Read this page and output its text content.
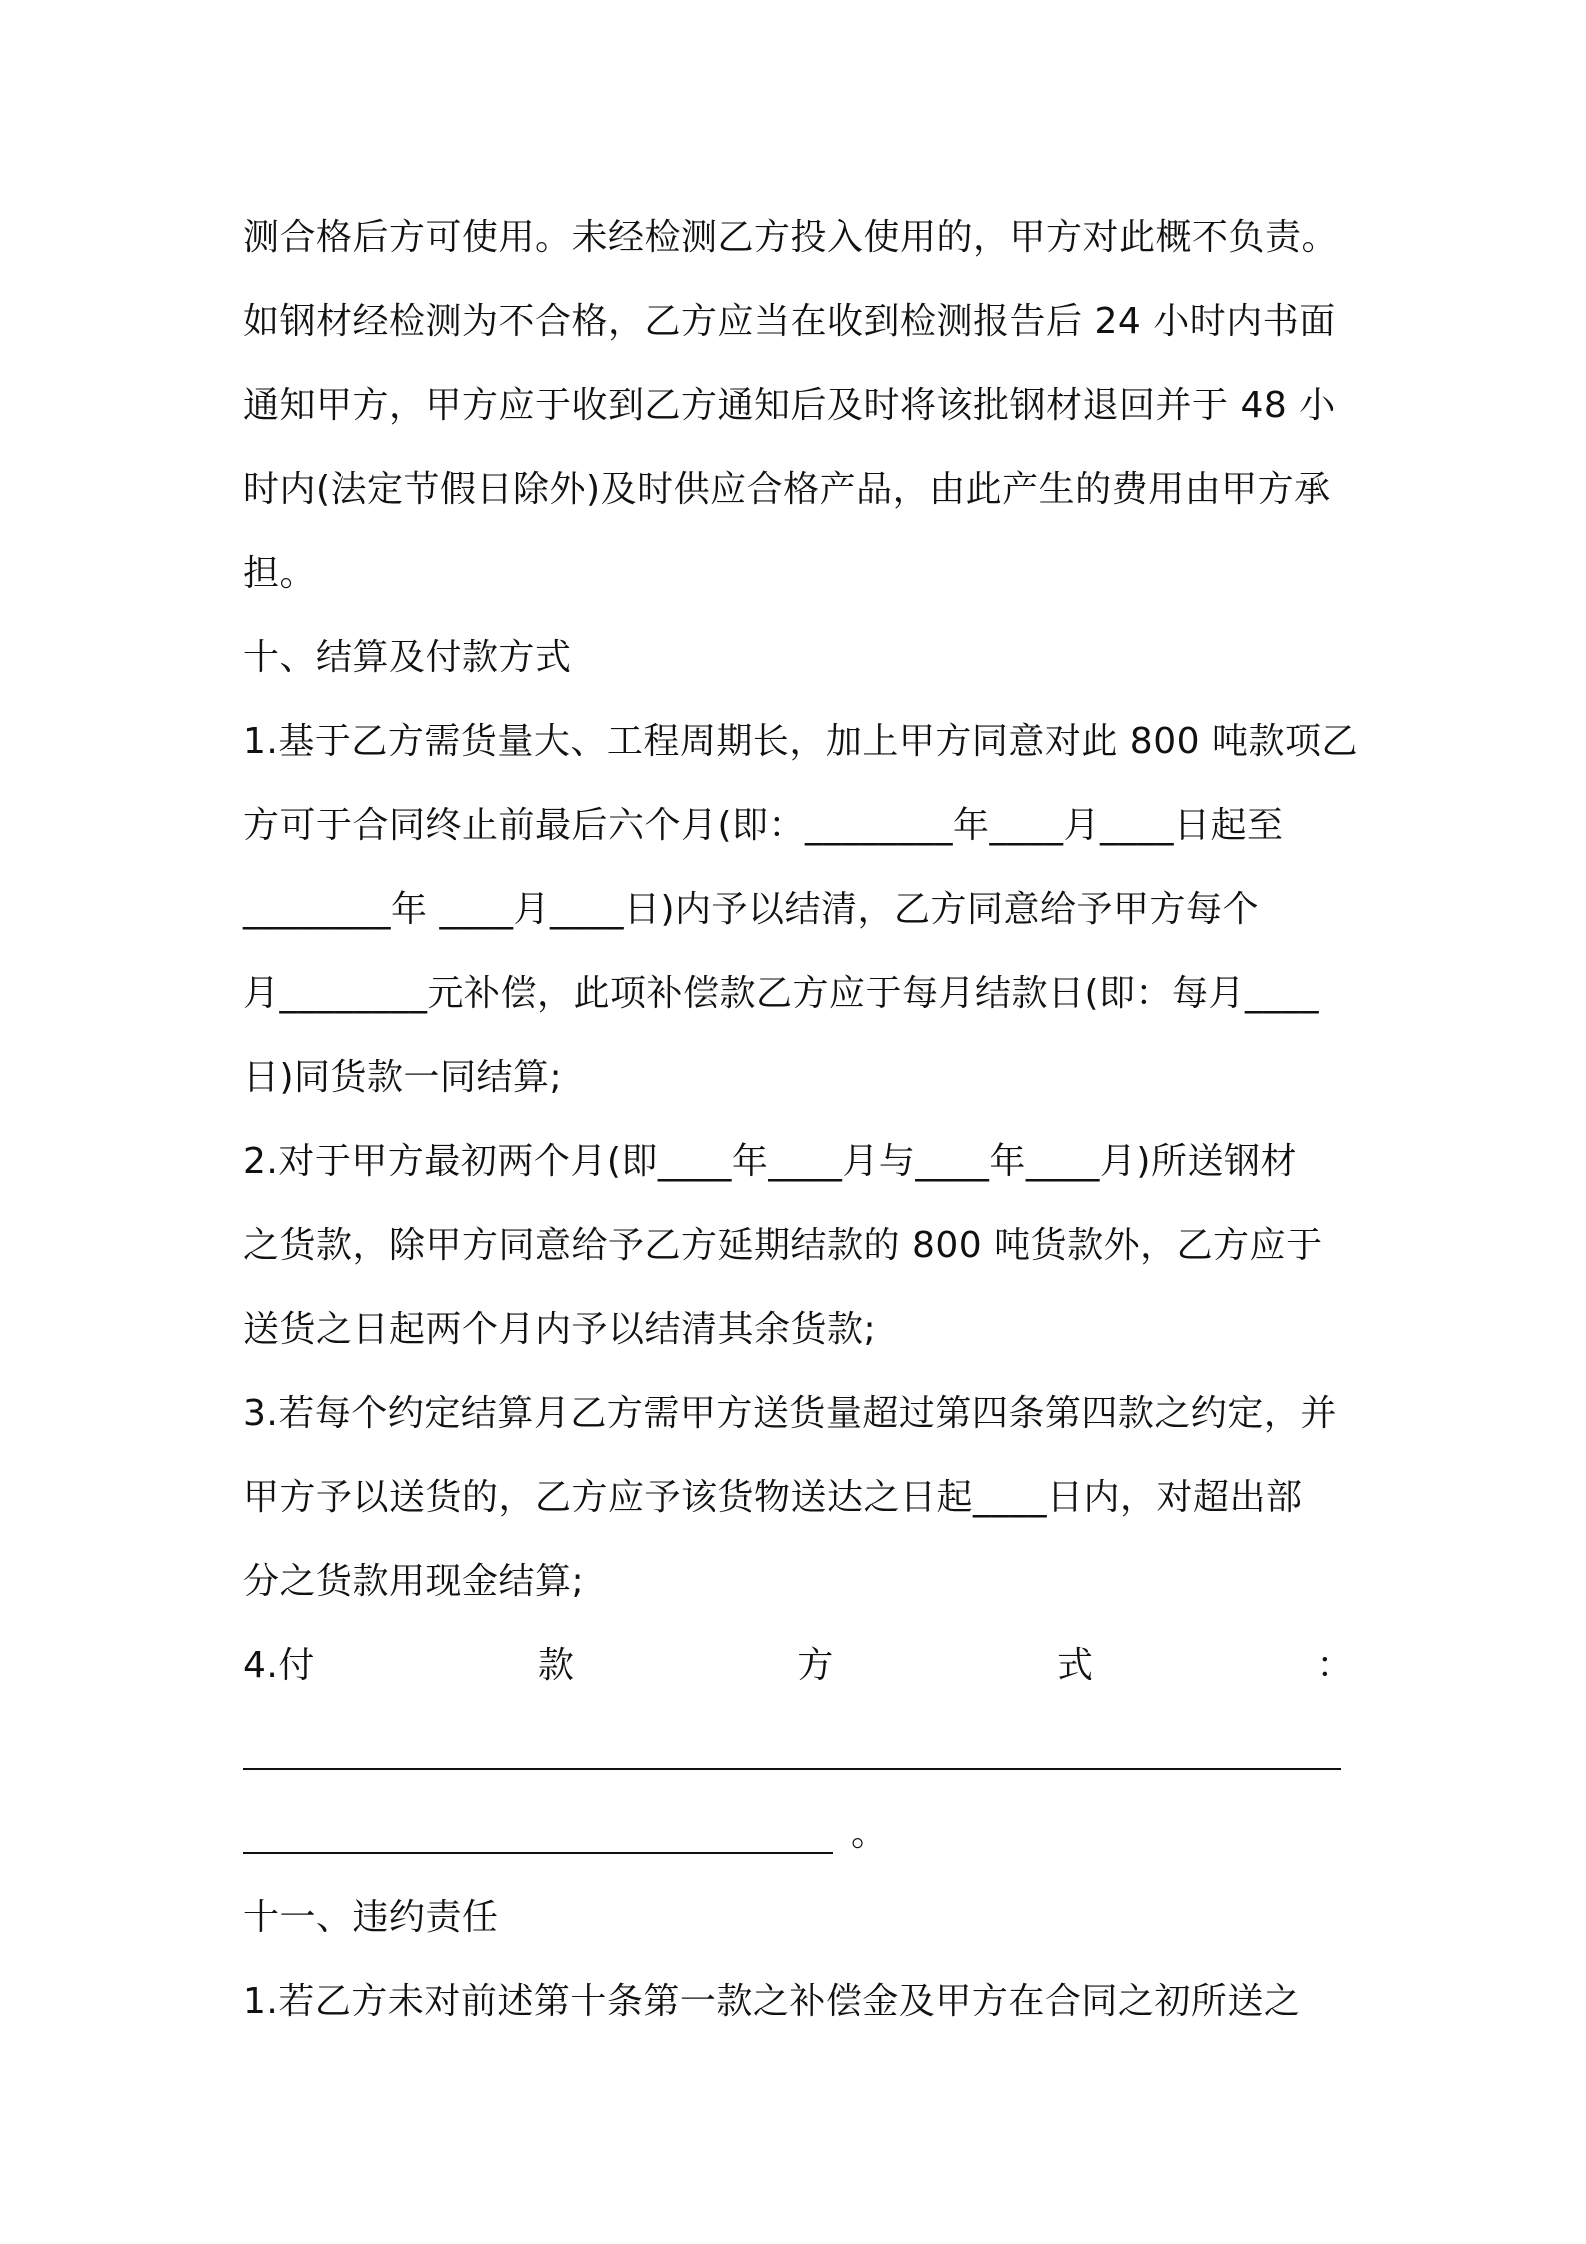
测合格后方可使用。未经检测乙方投入使用的，甲方对此概不负责。
如钢材经检测为不合格，乙方应当在收到检测报告后 24 小时内书面
通知甲方，甲方应于收到乙方通知后及时将该批钢材退回并于 48 小
时内(法定节假日除外)及时供应合格产品，由此产生的费用由甲方承
担。
十、结算及付款方式
1.基于乙方需货量大、工程周期长，加上甲方同意对此 800 吨款项乙
方可于合同终止前最后六个月(即：________年____月____日起至
________年 ____月____日)内予以结清，乙方同意给予甲方每个
月________元补偿，此项补偿款乙方应于每月结款日(即：每月____
日)同货款一同结算;
2.对于甲方最初两个月(即____年____月与____年____月)所送钢材
之货款，除甲方同意给予乙方延期结款的 800 吨货款外，乙方应于
送货之日起两个月内予以结清其余货款;
3.若每个约定结算月乙方需甲方送货量超过第四条第四款之约定，并
甲方予以送货的，乙方应予该货物送达之日起____日内，对超出部
分之货款用现金结算;
4.付	款	方	式	：
。
十一、违约责任
1.若乙方未对前述第十条第一款之补偿金及甲方在合同之初所送之
